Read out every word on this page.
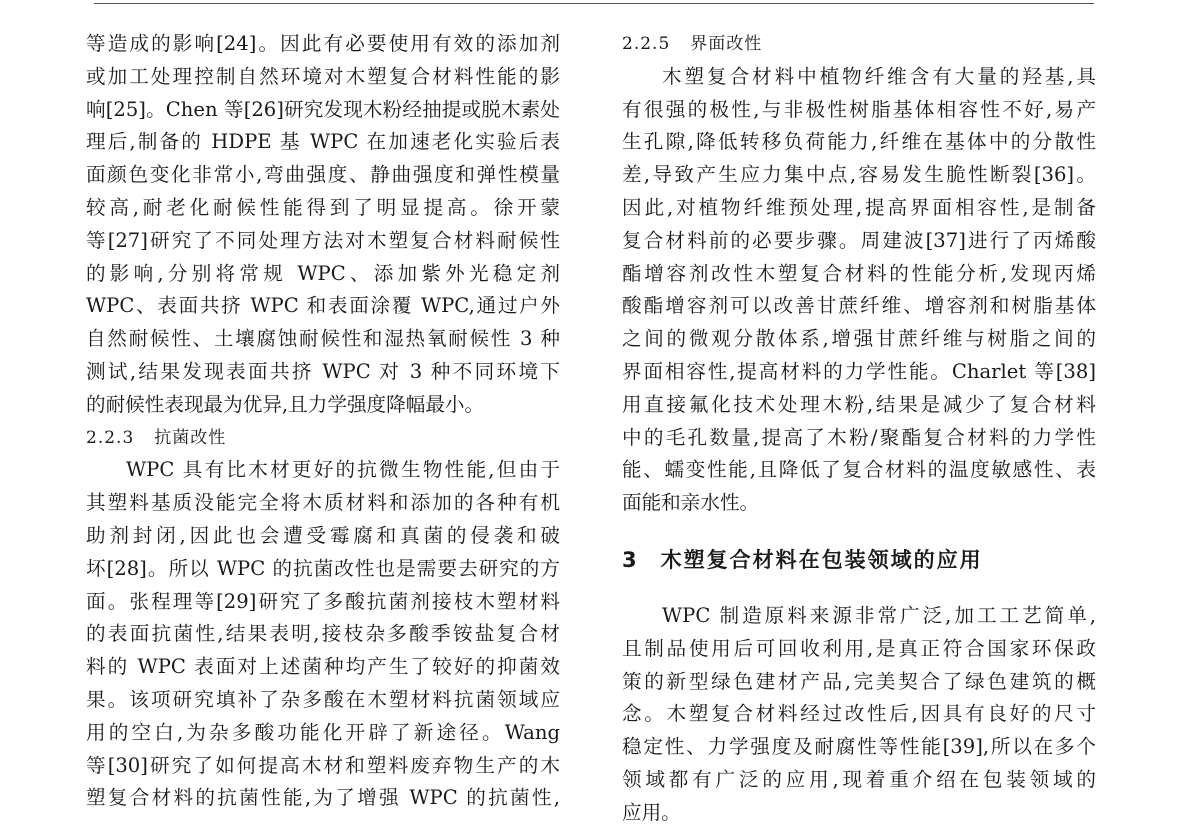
等造成的影响[24]。因此有必要使用有效的添加剂
或加工处理控制自然环境对木塑复合材料性能的影
响[25]。Chen 等[26]研究发现木粉经抽提或脱木素处
理后,制备的 HDPE 基 WPC 在加速老化实验后表
面颜色变化非常小,弯曲强度、静曲强度和弹性模量
较高,耐老化耐候性能得到了明显提高。徐开蒙
等[27]研究了不同处理方法对木塑复合材料耐候性
的影响,分别将常规 WPC、添加紫外光稳定剂
WPC、表面共挤 WPC 和表面涂覆 WPC,通过户外
自然耐候性、土壤腐蚀耐候性和湿热氧耐候性 3 种
测试,结果发现表面共挤 WPC 对 3 种不同环境下
的耐候性表现最为优异,且力学强度降幅最小。
2.2.3 抗菌改性
WPC 具有比木材更好的抗微生物性能,但由于
其塑料基质没能完全将木质材料和添加的各种有机
助剂封闭,因此也会遭受霉腐和真菌的侵袭和破
坏[28]。所以 WPC 的抗菌改性也是需要去研究的方
面。张程理等[29]研究了多酸抗菌剂接枝木塑材料
的表面抗菌性,结果表明,接枝杂多酸季铵盐复合材
料的 WPC 表面对上述菌种均产生了较好的抑菌效
果。该项研究填补了杂多酸在木塑材料抗菌领域应
用的空白,为杂多酸功能化开辟了新途径。Wang
等[30]研究了如何提高木材和塑料废弃物生产的木
塑复合材料的抗菌性能,为了增强 WPC 的抗菌性,
2.2.5 界面改性
木塑复合材料中植物纤维含有大量的羟基,具
有很强的极性,与非极性树脂基体相容性不好,易产
生孔隙,降低转移负荷能力,纤维在基体中的分散性
差,导致产生应力集中点,容易发生脆性断裂[36]。
因此,对植物纤维预处理,提高界面相容性,是制备
复合材料前的必要步骤。周建波[37]进行了丙烯酸
酯增容剂改性木塑复合材料的性能分析,发现丙烯
酸酯增容剂可以改善甘蔗纤维、增容剂和树脂基体
之间的微观分散体系,增强甘蔗纤维与树脂之间的
界面相容性,提高材料的力学性能。Charlet 等[38]
用直接氟化技术处理木粉,结果是减少了复合材料
中的毛孔数量,提高了木粉/聚酯复合材料的力学性
能、蠕变性能,且降低了复合材料的温度敏感性、表
面能和亲水性。
3 木塑复合材料在包装领域的应用
WPC 制造原料来源非常广泛,加工工艺简单,
且制品使用后可回收利用,是真正符合国家环保政
策的新型绿色建材产品,完美契合了绿色建筑的概
念。木塑复合材料经过改性后,因具有良好的尺寸
稳定性、力学强度及耐腐性等性能[39],所以在多个
领域都有广泛的应用,现着重介绍在包装领域的
应用。
